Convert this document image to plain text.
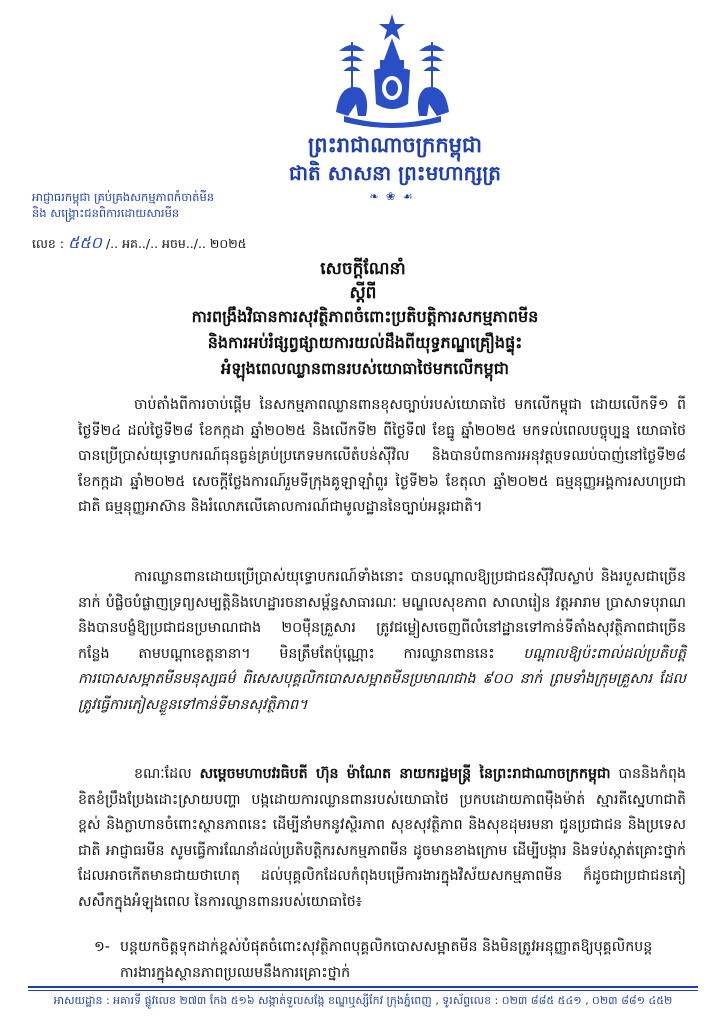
ព្រះរាជាណាចក្រកម្ពុជា
ជាតិ សាសនា ព្រះមហាក្សត្រ
❧ ❀ ☙
អាជ្ញាធរកម្ពុជា គ្រប់គ្រងសកម្មភាពកំចាត់មីន
និង សង្គ្រោះជនពិការដោយសារមីន
លេខ : ៥៥០ /.. អគ../.. អចម../.. ២០២៥
សេចក្ដីណែនាំ
ស្ដីពី
ការពង្រឹងវិធានការសុវត្ថិភាពចំពោះប្រតិបត្តិការសកម្មភាពមីន
និងការអប់រំផ្សព្វផ្សាយការយល់ដឹងពីយុទ្ធភណ្ឌគ្រឿងផ្ទុះ
អំឡុងពេលឈ្លានពានរបស់យោធាថៃមកលើកម្ពុជា
ចាប់តាំងពីការចាប់ផ្ដើម នៃសកម្មភាពឈ្លានពានខុសច្បាប់របស់យោធាថៃ មកលើកម្ពុជា ដោយលើកទី១ ពីថ្ងៃទី២៤ ដល់ថ្ងៃទី២៨ ខែកក្កដា ឆ្នាំ២០២៥ និងលើកទី២ ពីថ្ងៃទី៧ ខែធ្នូ ឆ្នាំ២០២៥ មកទល់ពេលបច្ចុប្បន្ន យោធាថៃបានប្រើប្រាស់យុទ្ធោបករណ៍ធុនធ្ងន់គ្រប់ប្រភេទមកលើតំបន់ស៊ីវិល និងបានបំពានការអនុវត្តបទឈប់បាញ់នៅថ្ងៃទី២៨ ខែកក្កដា ឆ្នាំ២០២៥ សេចក្ដីថ្លែងការណ៍រួមទីក្រុងគូឡាឡាំពួរ ថ្ងៃទី២៦ ខែតុលា ឆ្នាំ២០២៥ ធម្មនុញ្ញអង្គការសហប្រជាជាតិ ធម្មនុញ្ញអាស៊ាន និងរំលោភលើគោលការណ៍ជាមូលដ្ឋាននៃច្បាប់អន្តរជាតិ។
ការឈ្លានពានដោយប្រើប្រាស់យុទ្ធោបករណ៍ទាំងនោះ បានបណ្ដាលឱ្យប្រជាជនស៊ីវិលស្លាប់ និងរបួសជាច្រើននាក់ បំផ្លិចបំផ្លាញទ្រព្យសម្បត្តិនិងហេដ្ឋារចនាសម្ព័ន្ធសាធារណៈ មណ្ឌលសុខភាព សាលារៀន វត្តអារាម ប្រាសាទបុរាណ និងបានបង្ខំឱ្យប្រជាជនប្រមាណជាង ២០ម៉ឺនគ្រួសារ ត្រូវជម្លៀសចេញពីលំនៅដ្ឋានទៅកាន់ទីតាំងសុវត្ថិភាពជាច្រើនកន្លែង តាមបណ្ដាខេត្តនានា។ មិនត្រឹមតែប៉ុណ្ណោះ ការឈ្លានពាននេះ បណ្ដាលឱ្យប៉ះពាល់ដល់ប្រតិបត្តិការបោសសម្អាតមីនមនុស្សធម៌ ពិសេសបុគ្គលិកបោសសម្អាតមីនប្រមាណជាង ៩០០ នាក់ ព្រមទាំងក្រុមគ្រួសារ ដែលត្រូវធ្វើការភៀសខ្លួនទៅកាន់ទីមានសុវត្ថិភាព។
ខណៈដែល សម្ដេចមហាបវរធិបតី ហ៊ុន ម៉ាណែត នាយករដ្ឋមន្ត្រី នៃព្រះរាជាណាចក្រកម្ពុជា បាននិងកំពុងខិតខំប្រឹងប្រែងដោះស្រាយបញ្ហា បង្កដោយការឈ្លានពានរបស់យោធាថៃ ប្រកបដោយភាពម៉ឺងម៉ាត់ ស្មារតីស្នេហាជាតិខ្ពស់ និងក្លាហានចំពោះស្ថានភាពនេះ ដើម្បីនាំមកនូវស្ថិរភាព សុខសុវត្ថិភាព និងសុខដុមរមនា ជូនប្រជាជន និងប្រទេសជាតិ អាជ្ញាធរមីន សូមធ្វើការណែនាំដល់ប្រតិបត្តិករសកម្មភាពមីន ដូចមានខាងក្រោម ដើម្បីបង្ការ និងទប់ស្កាត់គ្រោះថ្នាក់ដែលអាចកើតមានជាយថាហេតុ ដល់បុគ្គលិកដែលកំពុងបម្រើការងារក្នុងវិស័យសកម្មភាពមីន ក៏ដូចជាប្រជាជនភៀសសឹកក្នុងអំឡុងពេល នៃការឈ្លានពានរបស់យោធាថៃ៖
១- បន្តយកចិត្តទុកដាក់ខ្ពស់បំផុតចំពោះសុវត្ថិភាពបុគ្គលិកបោសសម្អាតមីន និងមិនត្រូវអនុញ្ញាតឱ្យបុគ្គលិកបន្តការងារក្នុងស្ថានភាពប្រឈមនឹងការគ្រោះថ្នាក់
អាសយដ្ឋាន : អគារទី ផ្លូវលេខ ២៧៣ កែង ៥១៦ សង្កាត់ទួលសង្កែ ខណ្ឌឬស្សីកែវ ក្រុងភ្នំពេញ ‚ ទូរស័ព្ទលេខ : ០២៣ ៨៨៥ ៥៤១ ‚ ០២៣ ៨៨១ ៤៥២
